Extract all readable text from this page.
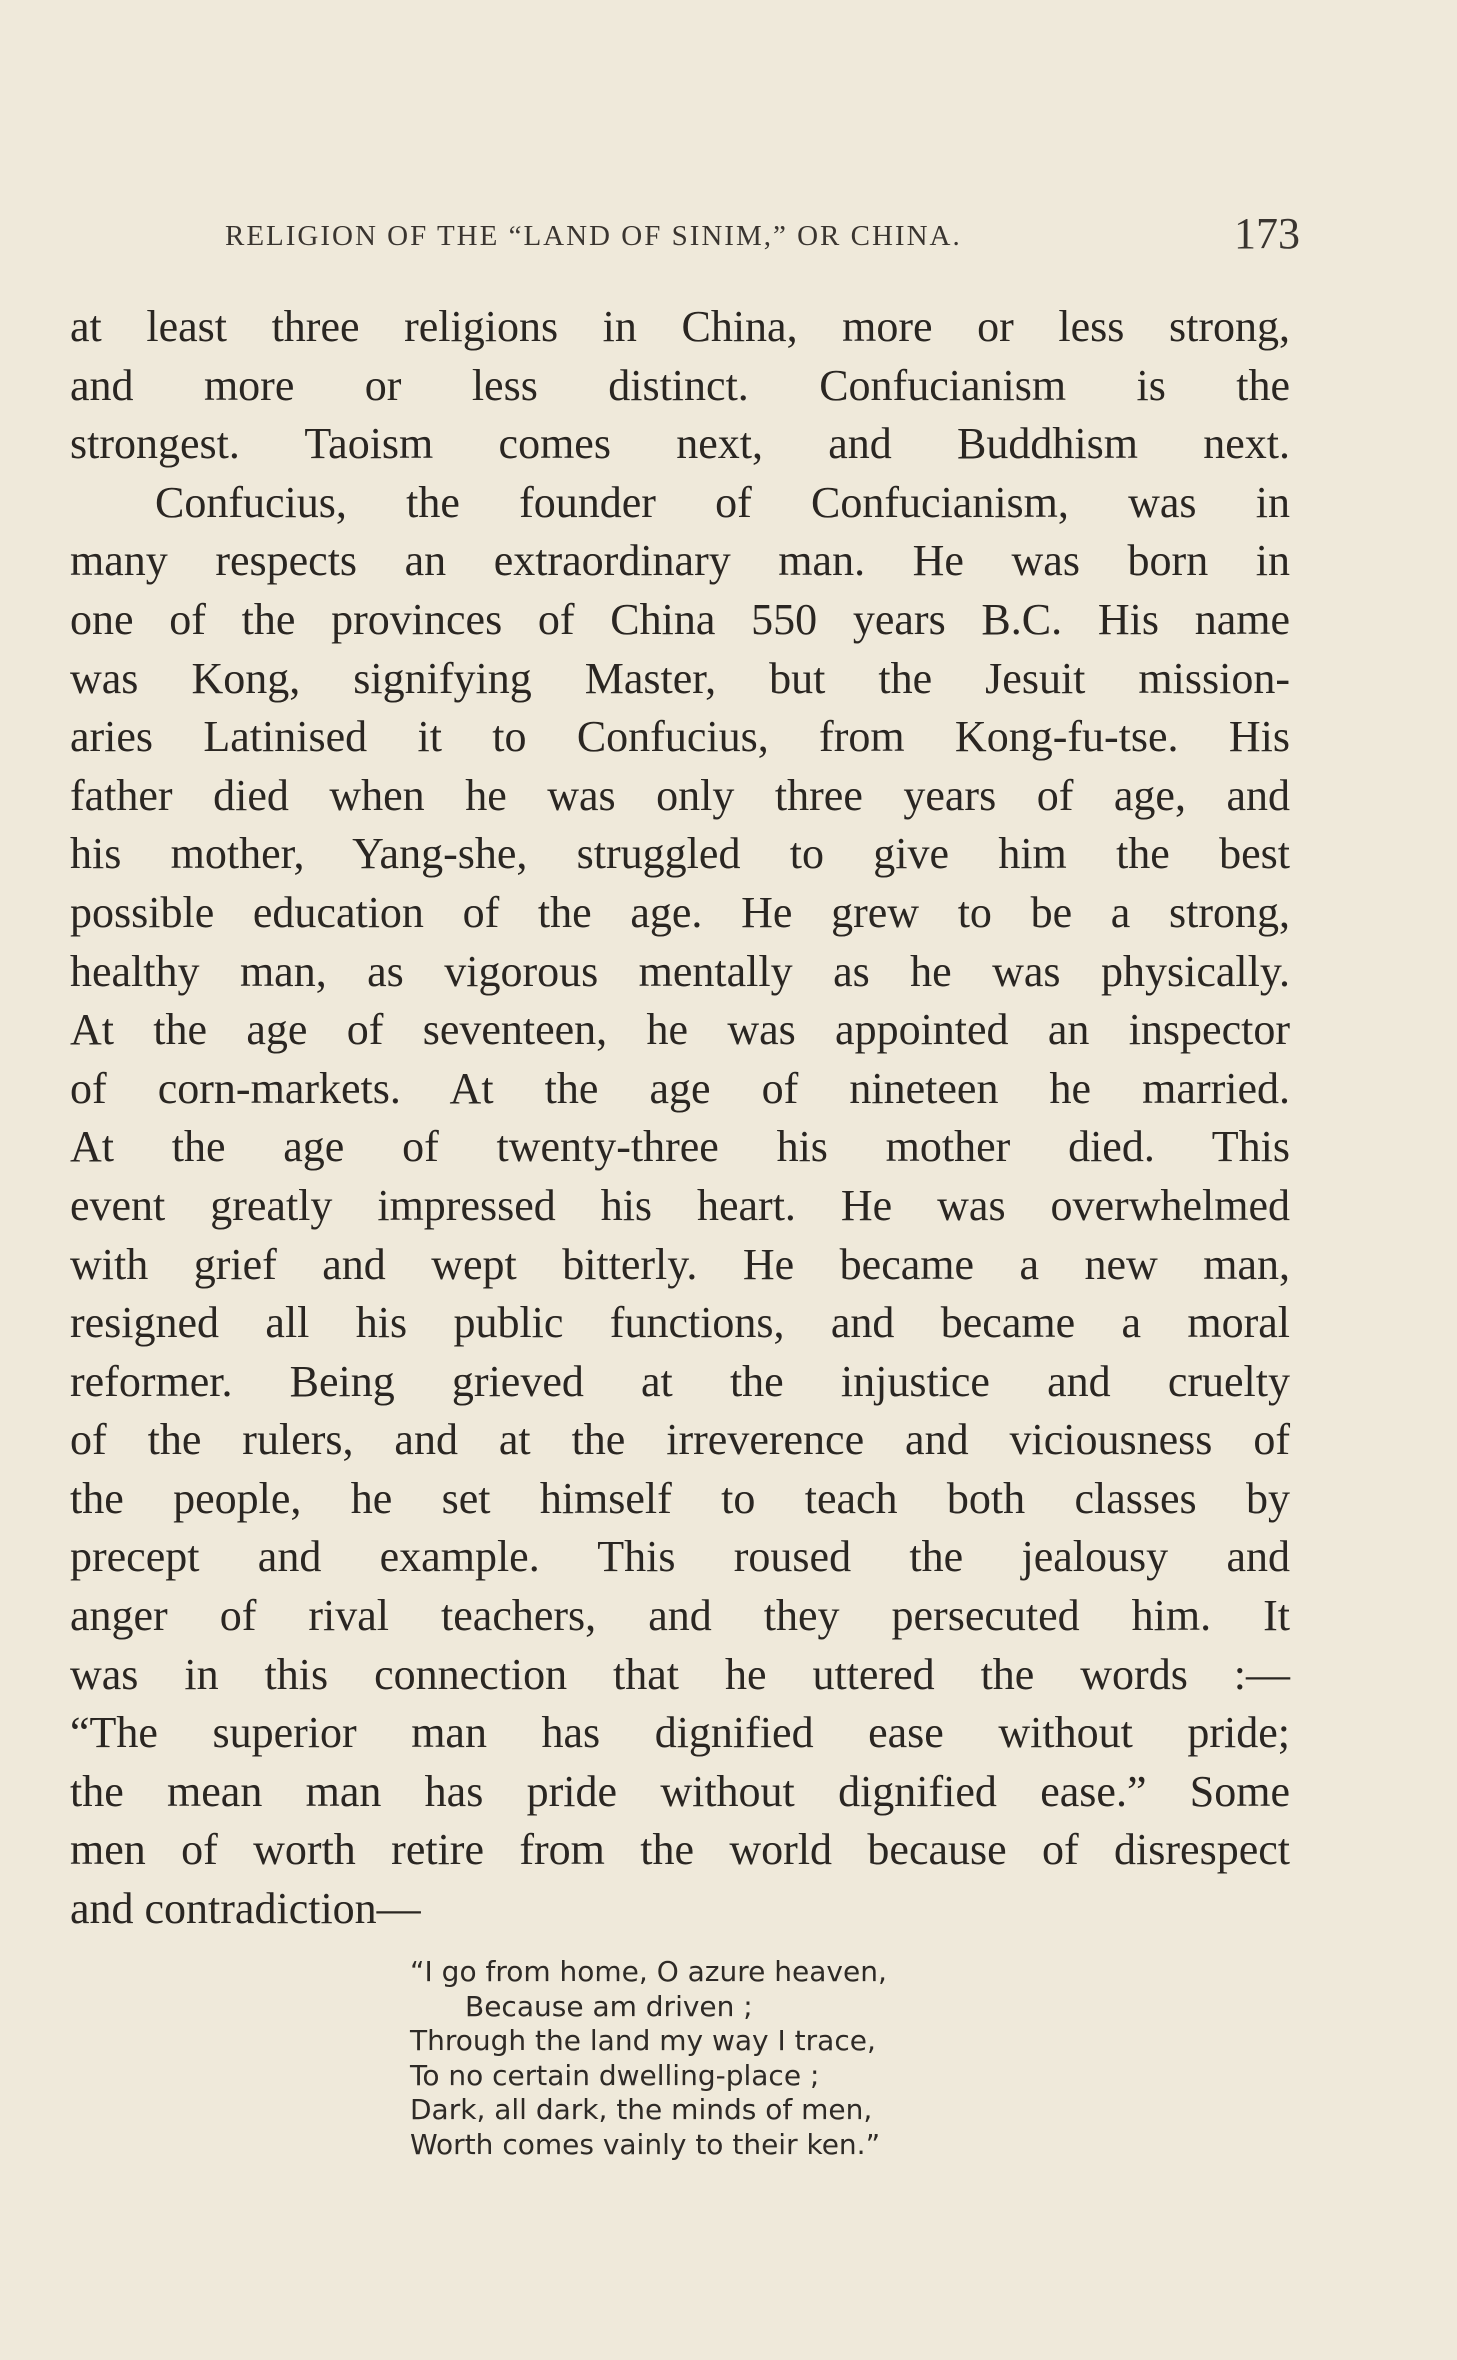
RELIGION OF THE “LAND OF SINIM,” OR CHINA.	173
at least three religions in China, more or less strong,
and more or less distinct. Confucianism is the
strongest. Taoism comes next, and Buddhism next.
Confucius, the founder of Confucianism, was in
many respects an extraordinary man. He was born in
one of the provinces of China 550 years B.C. His name
was Kong, signifying Master, but the Jesuit mission-
aries Latinised it to Confucius, from Kong-fu-tse. His
father died when he was only three years of age, and
his mother, Yang-she, struggled to give him the best
possible education of the age. He grew to be a strong,
healthy man, as vigorous mentally as he was physically.
At the age of seventeen, he was appointed an inspector
of corn-markets. At the age of nineteen he married.
At the age of twenty-three his mother died. This
event greatly impressed his heart. He was overwhelmed
with grief and wept bitterly. He became a new man,
resigned all his public functions, and became a moral
reformer. Being grieved at the injustice and cruelty
of the rulers, and at the irreverence and viciousness of
the people, he set himself to teach both classes by
precept and example. This roused the jealousy and
anger of rival teachers, and they persecuted him. It
was in this connection that he uttered the words :—
“The superior man has dignified ease without pride;
the mean man has pride without dignified ease.” Some
men of worth retire from the world because of disrespect
and contradiction—
“I go from home, O azure heaven,
Because am driven ;
Through the land my way I trace,
To no certain dwelling-place ;
Dark, all dark, the minds of men,
Worth comes vainly to their ken.”
